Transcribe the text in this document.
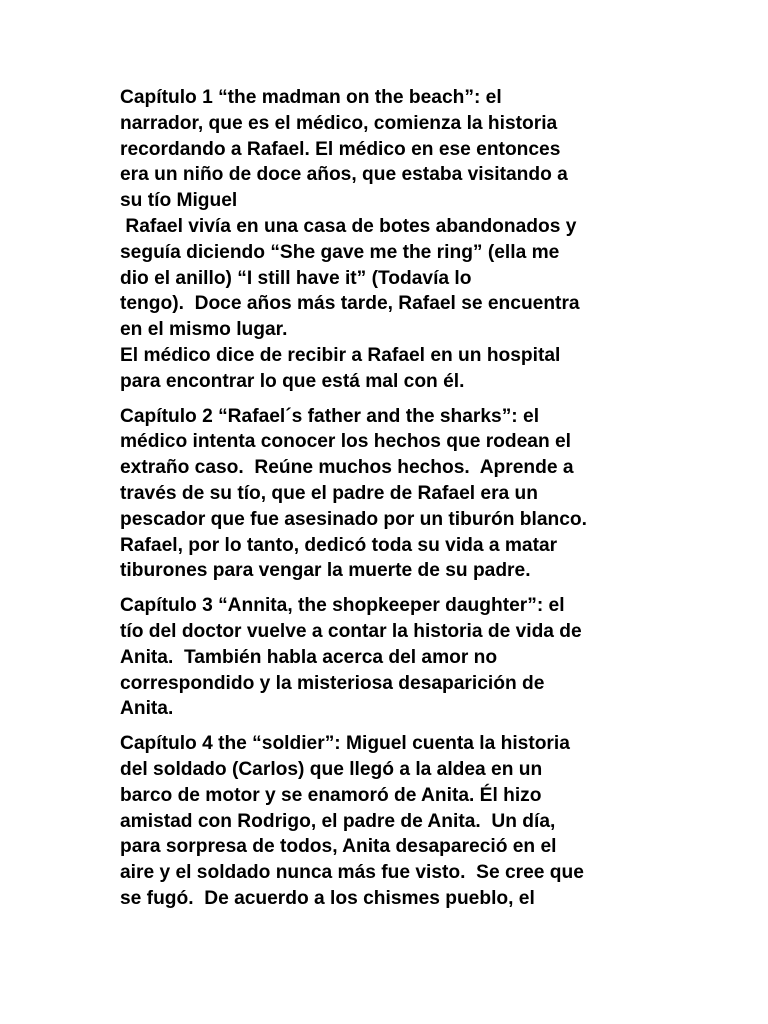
Capítulo 1 “the madman on the beach”: el
narrador, que es el médico, comienza la historia
recordando a Rafael. El médico en ese entonces
era un niño de doce años, que estaba visitando a
su tío Miguel
Rafael vivía en una casa de botes abandonados y
seguía diciendo “She gave me the ring” (ella me
dio el anillo) “I still have it” (Todavía lo
tengo).  Doce años más tarde, Rafael se encuentra
en el mismo lugar.
El médico dice de recibir a Rafael en un hospital
para encontrar lo que está mal con él.

Capítulo 2 “Rafael´s father and the sharks”: el
médico intenta conocer los hechos que rodean el
extraño caso.  Reúne muchos hechos.  Aprende a
través de su tío, que el padre de Rafael era un
pescador que fue asesinado por un tiburón blanco.
Rafael, por lo tanto, dedicó toda su vida a matar
tiburones para vengar la muerte de su padre.

Capítulo 3 “Annita, the shopkeeper daughter”: el
tío del doctor vuelve a contar la historia de vida de
Anita.  También habla acerca del amor no
correspondido y la misteriosa desaparición de
Anita.

Capítulo 4 the “soldier”: Miguel cuenta la historia
del soldado (Carlos) que llegó a la aldea en un
barco de motor y se enamoró de Anita. Él hizo
amistad con Rodrigo, el padre de Anita.  Un día,
para sorpresa de todos, Anita desapareció en el
aire y el soldado nunca más fue visto.  Se cree que
se fugó.  De acuerdo a los chismes pueblo, el
